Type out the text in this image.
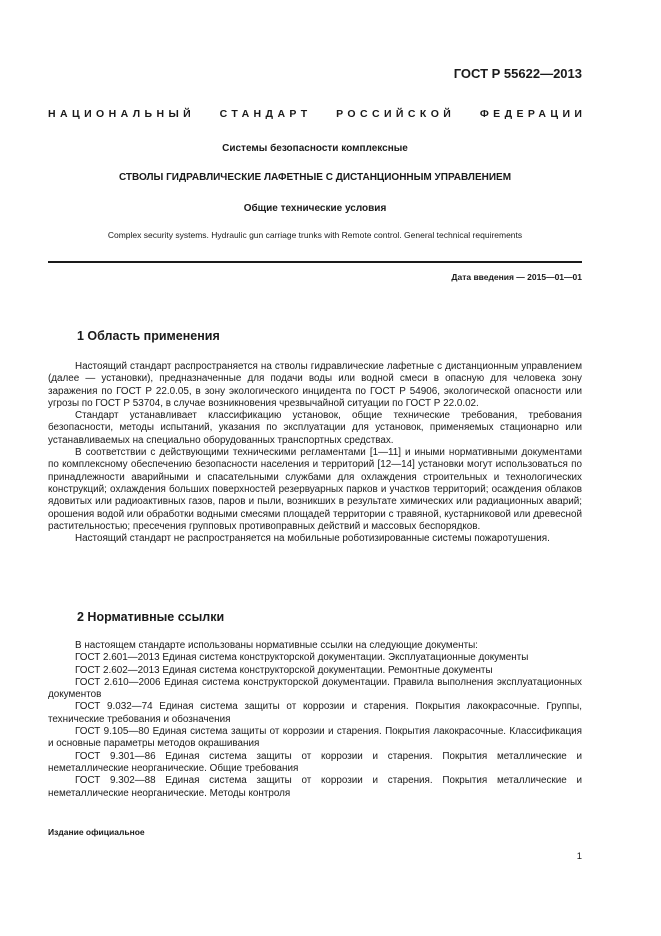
ГОСТ Р 55622—2013
НАЦИОНАЛЬНЫЙ СТАНДАРТ РОССИЙСКОЙ ФЕДЕРАЦИИ
Системы безопасности комплексные
СТВОЛЫ ГИДРАВЛИЧЕСКИЕ ЛАФЕТНЫЕ С ДИСТАНЦИОННЫМ УПРАВЛЕНИЕМ
Общие технические условия
Complex security systems. Hydraulic gun carriage trunks with Remote control. General technical requirements
Дата введения — 2015—01—01
1 Область применения

Настоящий стандарт распространяется на стволы гидравлические лафетные с дистанционным управлением (далее — установки), предназначенные для подачи воды или водной смеси в опасную для человека зону заражения по ГОСТ Р 22.0.05, в зону экологического инцидента по ГОСТ Р 54906, экологической опасности или угрозы по ГОСТ Р 53704, в случае возникновения чрезвычайной ситуации по ГОСТ Р 22.0.02.

Стандарт устанавливает классификацию установок, общие технические требования, требования безопасности, методы испытаний, указания по эксплуатации для установок, применяемых стационарно или устанавливаемых на специально оборудованных транспортных средствах.

В соответствии с действующими техническими регламентами [1—11] и иными нормативными документами по комплексному обеспечению безопасности населения и территорий [12—14] установки могут использоваться по принадлежности аварийными и спасательными службами для охлаждения строительных и технологических конструкций; охлаждения больших поверхностей резервуарных парков и участков территорий; осаждения облаков ядовитых или радиоактивных газов, паров и пыли, возникших в результате химических или радиационных аварий; орошения водой или обработки водными смесями площадей территории с травяной, кустарниковой или древесной растительностью; пресечения групповых противоправных действий и массовых беспорядков.

Настоящий стандарт не распространяется на мобильные роботизированные системы пожаротушения.

2 Нормативные ссылки

В настоящем стандарте использованы нормативные ссылки на следующие документы:

ГОСТ 2.601—2013 Единая система конструкторской документации. Эксплуатационные документы

ГОСТ 2.602—2013 Единая система конструкторской документации. Ремонтные документы

ГОСТ 2.610—2006 Единая система конструкторской документации. Правила выполнения эксплуатационных документов

ГОСТ 9.032—74 Единая система защиты от коррозии и старения. Покрытия лакокрасочные. Группы, технические требования и обозначения

ГОСТ 9.105—80 Единая система защиты от коррозии и старения. Покрытия лакокрасочные. Классификация и основные параметры методов окрашивания

ГОСТ 9.301—86 Единая система защиты от коррозии и старения. Покрытия металлические и неметаллические неорганические. Общие требования

ГОСТ 9.302—88 Единая система защиты от коррозии и старения. Покрытия металлические и неметаллические неорганические. Методы контроля

Издание официальное
1
